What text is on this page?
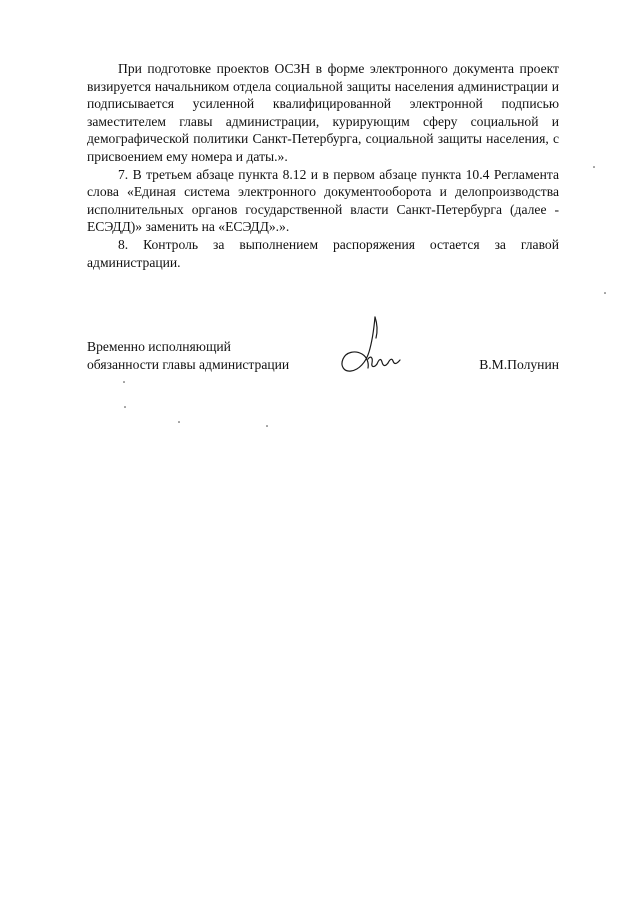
При подготовке проектов ОСЗН в форме электронного документа проект визируется начальником отдела социальной защиты населения администрации и подписывается усиленной квалифицированной электронной подписью заместителем главы администрации, курирующим сферу социальной и демографической политики Санкт-Петербурга, социальной защиты населения, с присвоением ему номера и даты.».

7. В третьем абзаце пункта 8.12 и в первом абзаце пункта 10.4 Регламента слова «Единая система электронного документооборота и делопроизводства исполнительных органов государственной власти Санкт-Петербурга (далее - ЕСЭДД)» заменить на «ЕСЭДД».».

8. Контроль за выполнением распоряжения остается за главой администрации.

Временно исполняющий
обязанности главы администрации	В.М.Полунин
